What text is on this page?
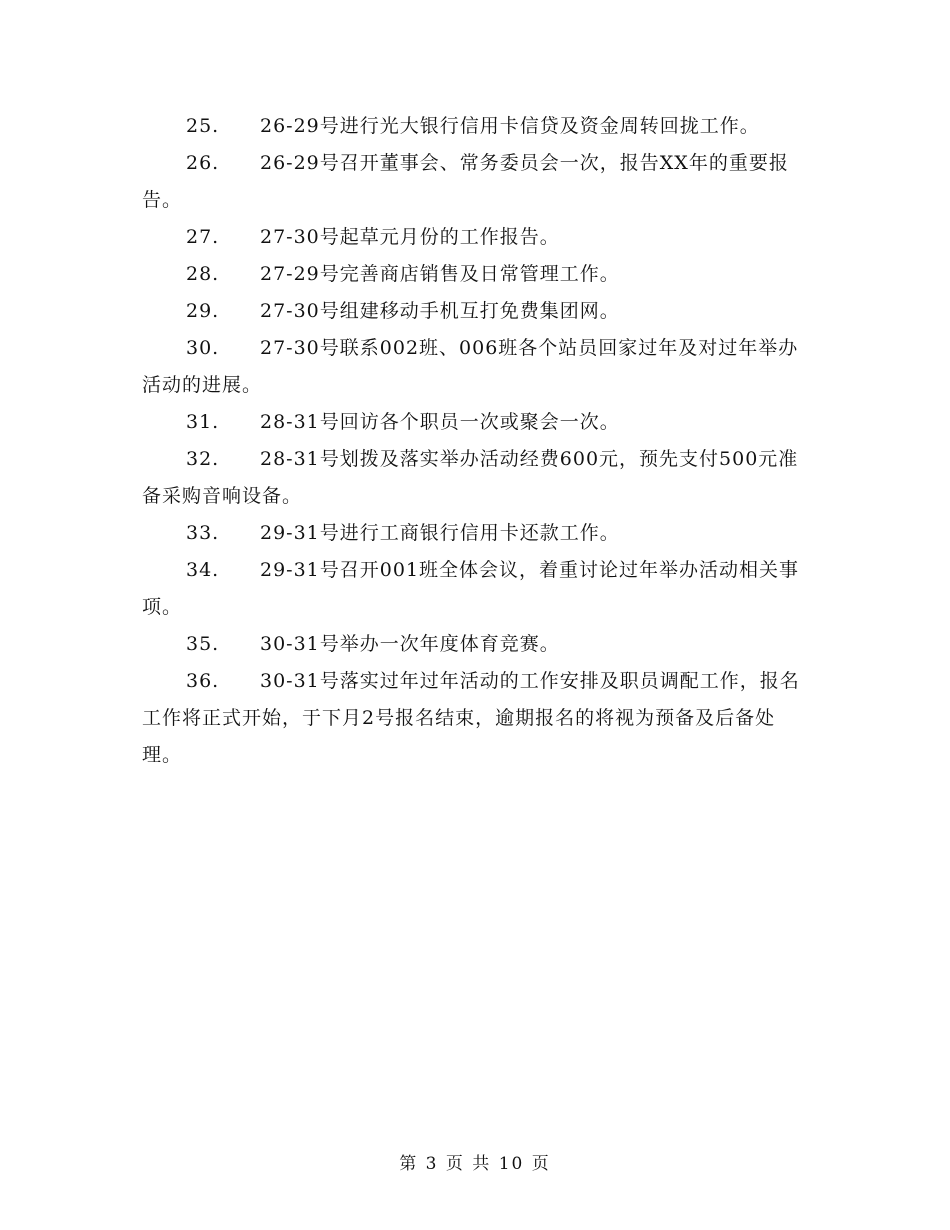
25. 26-29号进行光大银行信用卡信贷及资金周转回拢工作。

26. 26-29号召开董事会、常务委员会一次，报告XX年的重要报告。

27. 27-30号起草元月份的工作报告。

28. 27-29号完善商店销售及日常管理工作。

29. 27-30号组建移动手机互打免费集团网。

30. 27-30号联系002班、006班各个站员回家过年及对过年举办活动的进展。

31. 28-31号回访各个职员一次或聚会一次。

32. 28-31号划拨及落实举办活动经费600元，预先支付500元准备采购音响设备。

33. 29-31号进行工商银行信用卡还款工作。

34. 29-31号召开001班全体会议，着重讨论过年举办活动相关事项。

35. 30-31号举办一次年度体育竞赛。

36. 30-31号落实过年过年活动的工作安排及职员调配工作，报名工作将正式开始，于下月2号报名结束，逾期报名的将视为预备及后备处理。

第 3 页 共 10 页
